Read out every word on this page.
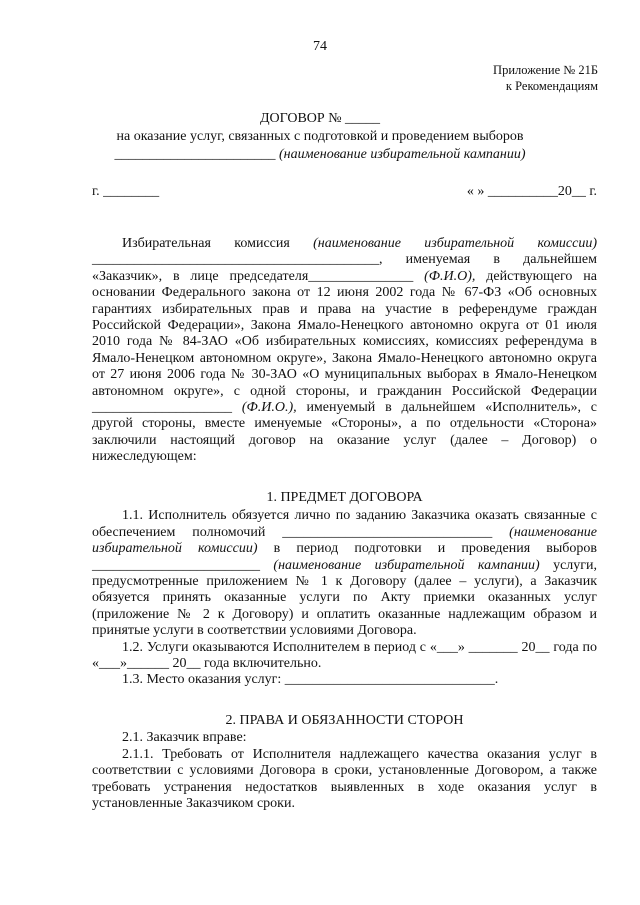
74
Приложение № 21Б
к Рекомендациям
ДОГОВОР № _____
на оказание услуг, связанных с подготовкой и проведением выборов
_______________________ (наименование избирательной кампании)
г. ________	« » __________20__ г.

Избирательная комиссия (наименование избирательной комиссии) _________________________________________, именуемая в дальнейшем «Заказчик», в лице председателя_______________ (Ф.И.О), действующего на основании Федерального закона от 12 июня 2002 года № 67-ФЗ «Об основных гарантиях избирательных прав и права на участие в референдуме граждан Российской Федерации», Закона Ямало-Ненецкого автономно округа от 01 июля 2010 года № 84-ЗАО «Об избирательных комиссиях, комиссиях референдума в Ямало-Ненецком автономном округе», Закона Ямало-Ненецкого автономно округа от 27 июня 2006 года № 30-ЗАО «О муниципальных выборах в Ямало-Ненецком автономном округе», с одной стороны, и гражданин Российской Федерации ____________________ (Ф.И.О.), именуемый в дальнейшем «Исполнитель», с другой стороны, вместе именуемые «Стороны», а по отдельности «Сторона» заключили настоящий договор на оказание услуг (далее – Договор) о нижеследующем:

1. ПРЕДМЕТ ДОГОВОРА

1.1. Исполнитель обязуется лично по заданию Заказчика оказать связанные с обеспечением полномочий ______________________________ (наименование избирательной комиссии) в период подготовки и проведения выборов ________________________ (наименование избирательной кампании) услуги, предусмотренные приложением № 1 к Договору (далее – услуги), а Заказчик обязуется принять оказанные услуги по Акту приемки оказанных услуг (приложение № 2 к Договору) и оплатить оказанные надлежащим образом и принятые услуги в соответствии условиями Договора.

1.2. Услуги оказываются Исполнителем в период с «___» _______ 20__ года по «___»______ 20__ года включительно.

1.3. Место оказания услуг: ______________________________.

2. ПРАВА И ОБЯЗАННОСТИ СТОРОН

2.1. Заказчик вправе:

2.1.1. Требовать от Исполнителя надлежащего качества оказания услуг в соответствии с условиями Договора в сроки, установленные Договором, а также требовать устранения недостатков выявленных в ходе оказания услуг в установленные Заказчиком сроки.
